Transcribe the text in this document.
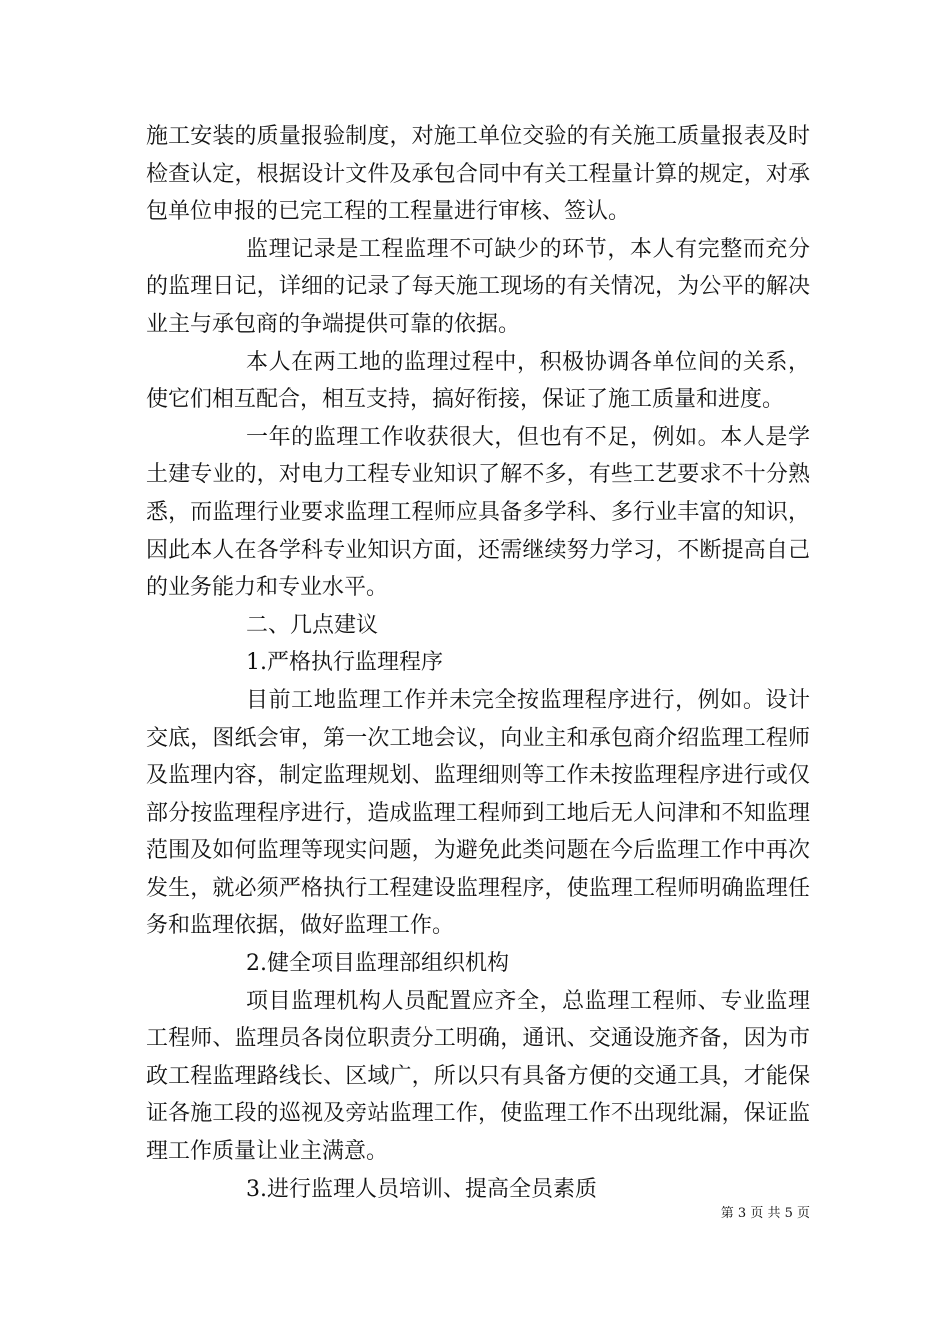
施工安装的质量报验制度，对施工单位交验的有关施工质量报表及时检查认定，根据设计文件及承包合同中有关工程量计算的规定，对承包单位申报的已完工程的工程量进行审核、签认。

监理记录是工程监理不可缺少的环节，本人有完整而充分的监理日记，详细的记录了每天施工现场的有关情况，为公平的解决业主与承包商的争端提供可靠的依据。

本人在两工地的监理过程中，积极协调各单位间的关系，使它们相互配合，相互支持，搞好衔接，保证了施工质量和进度。

一年的监理工作收获很大，但也有不足，例如。本人是学土建专业的，对电力工程专业知识了解不多，有些工艺要求不十分熟悉，而监理行业要求监理工程师应具备多学科、多行业丰富的知识，因此本人在各学科专业知识方面，还需继续努力学习，不断提高自己的业务能力和专业水平。

二、几点建议

1.严格执行监理程序

目前工地监理工作并未完全按监理程序进行，例如。设计交底，图纸会审，第一次工地会议，向业主和承包商介绍监理工程师及监理内容，制定监理规划、监理细则等工作未按监理程序进行或仅部分按监理程序进行，造成监理工程师到工地后无人问津和不知监理范围及如何监理等现实问题，为避免此类问题在今后监理工作中再次发生，就必须严格执行工程建设监理程序，使监理工程师明确监理任务和监理依据，做好监理工作。

2.健全项目监理部组织机构

项目监理机构人员配置应齐全，总监理工程师、专业监理工程师、监理员各岗位职责分工明确，通讯、交通设施齐备，因为市政工程监理路线长、区域广，所以只有具备方便的交通工具，才能保证各施工段的巡视及旁站监理工作，使监理工作不出现纰漏，保证监理工作质量让业主满意。

3.进行监理人员培训、提高全员素质

第 3 页 共 5 页
